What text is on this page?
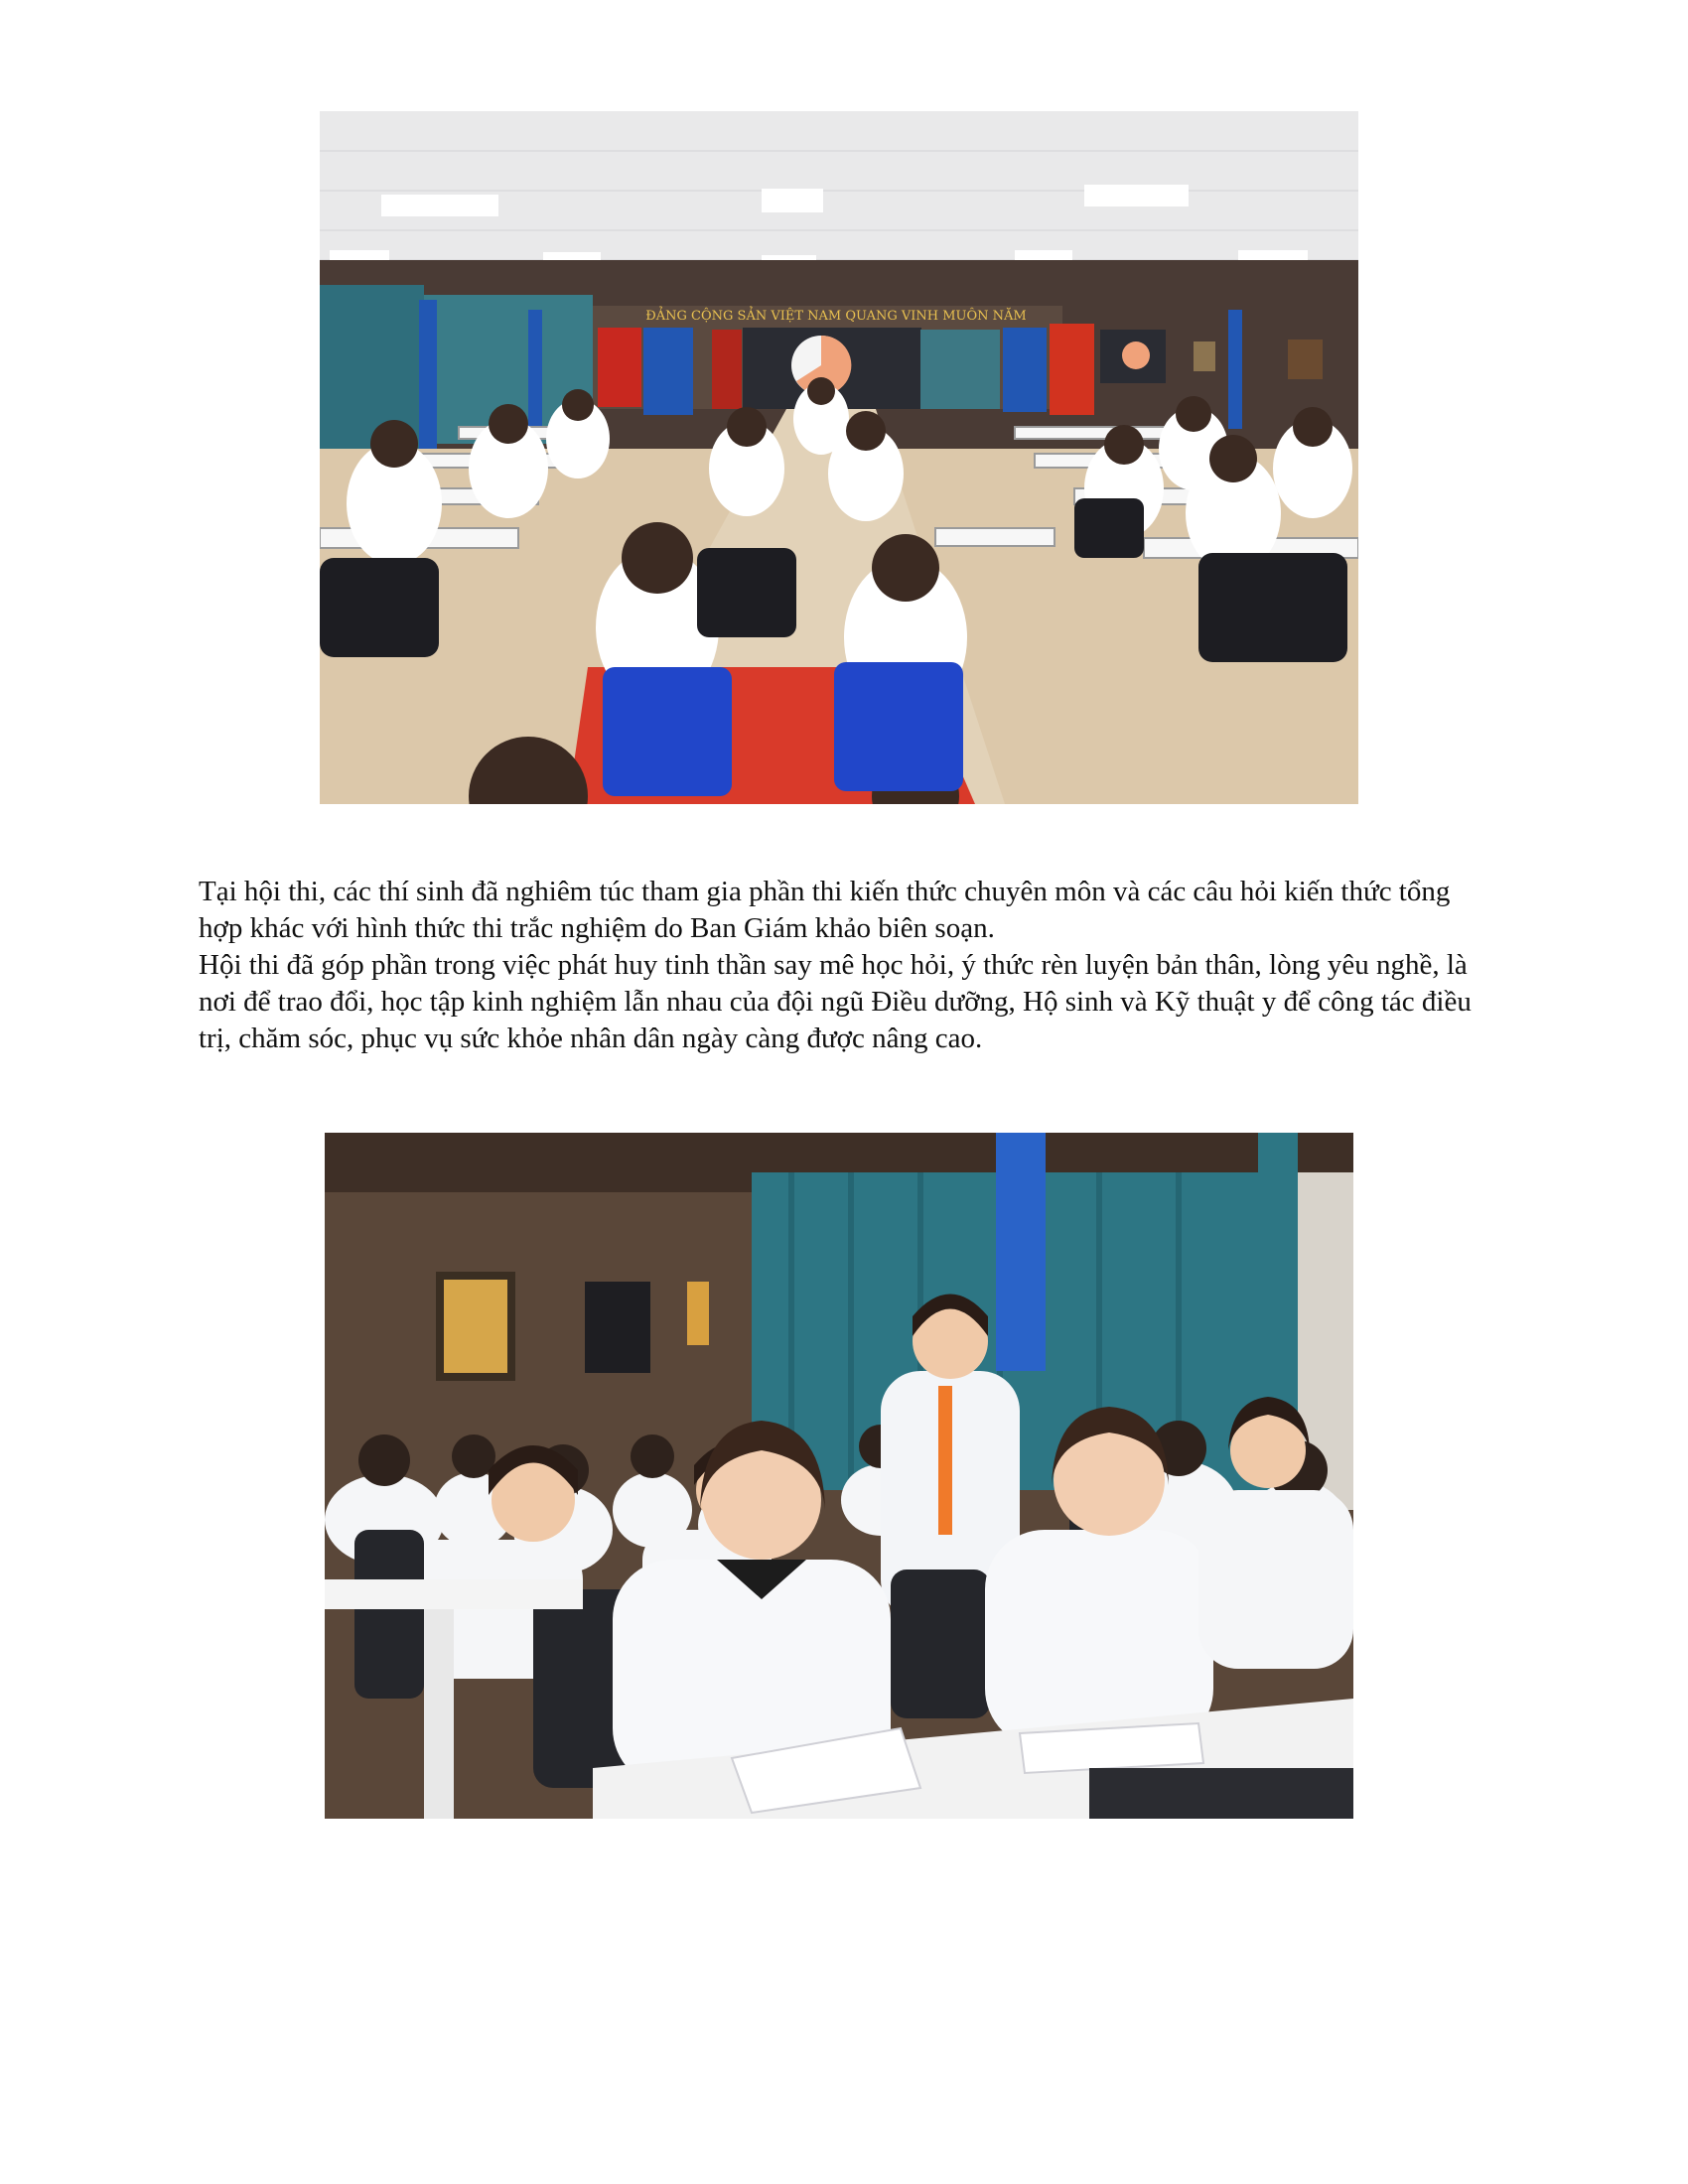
ĐẢNG CỘNG SẢN VIỆT NAM QUANG VINH MUÔN NĂM

Tại hội thi, các thí sinh đã nghiêm túc tham gia phần thi kiến thức chuyên môn và các câu hỏi kiến thức tổng hợp khác với hình thức thi trắc nghiệm do Ban Giám khảo biên soạn.

Hội thi đã góp phần trong việc phát huy tinh thần say mê học hỏi, ý thức rèn luyện bản thân, lòng yêu nghề, là nơi để trao đổi, học tập kinh nghiệm lẫn nhau của đội ngũ Điều dưỡng, Hộ sinh và Kỹ thuật y để công tác điều trị, chăm sóc, phục vụ sức khỏe nhân dân ngày càng được nâng cao.
